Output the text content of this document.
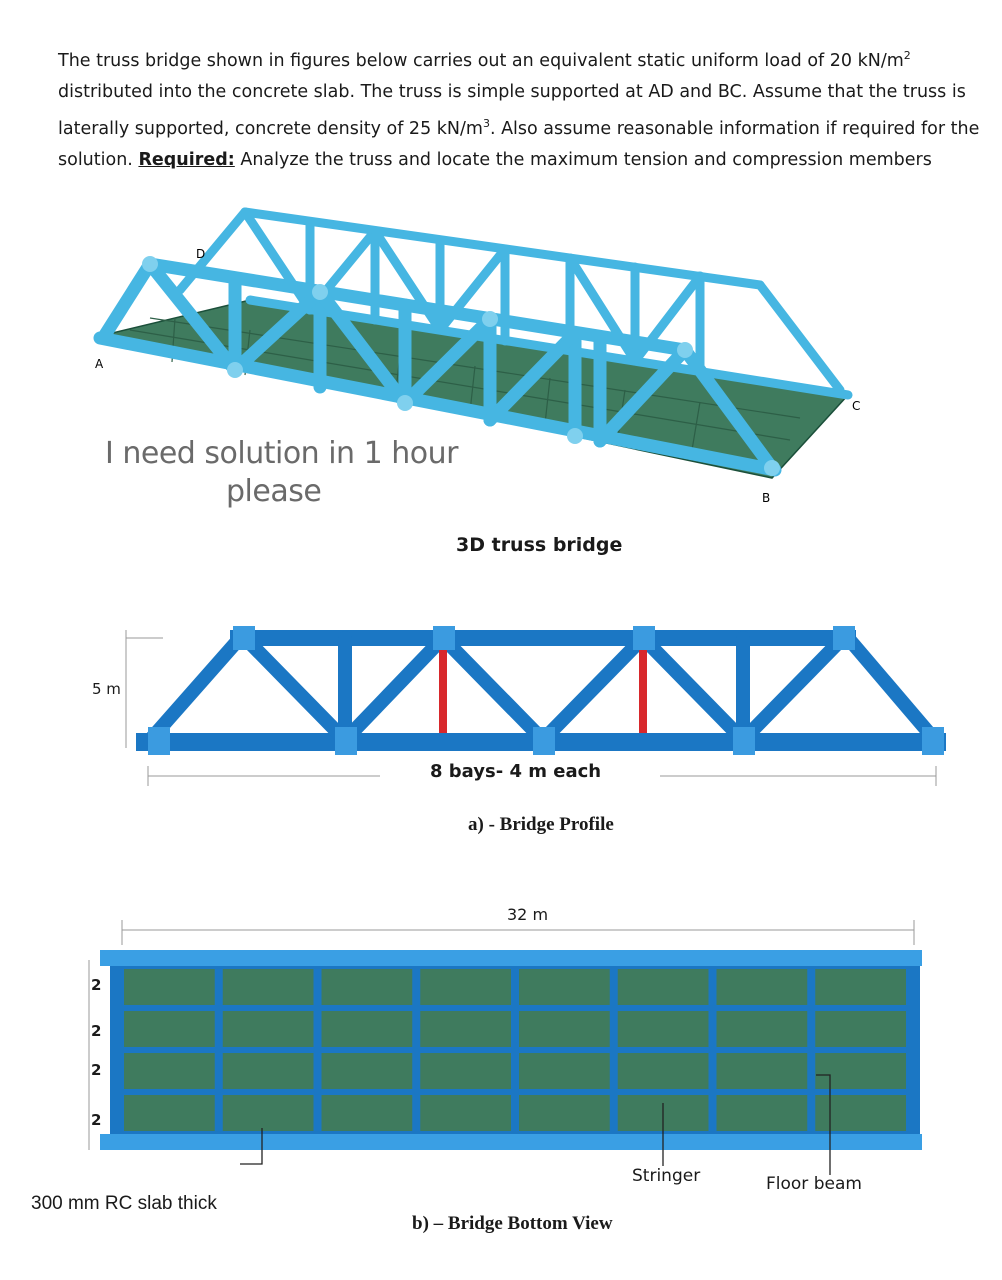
The truss bridge shown in figures below carries out an equivalent static uniform load of 20 $kN/m^2$ distributed into the concrete slab. The truss is simple supported at AD and BC. Assume that the truss is laterally supported, concrete density of 25 $kN/m^3$. Also assume reasonable information if required for the solution. Required: Analyze the truss and locate the maximum tension and compression members

A
D
C
B
I need solution in 1 hour
please
3D truss bridge
5 m
8 bays- 4 m each
a) - Bridge Profile
32 m
2
2
2
2
300 mm RC slab thick
Stringer	Floor beam
b) – Bridge Bottom View
